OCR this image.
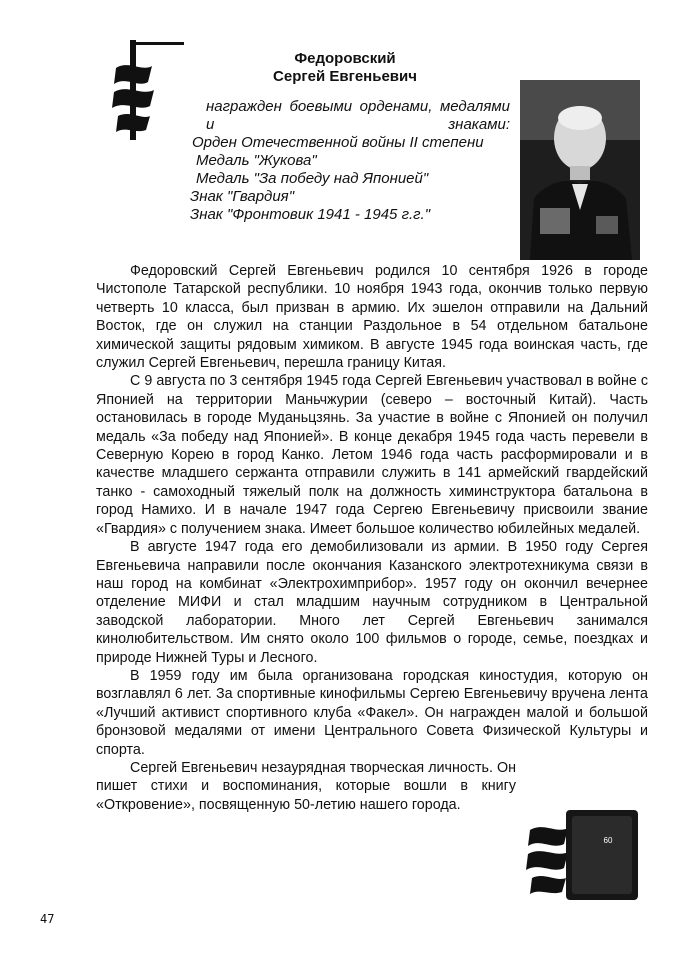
Федоровский
Сергей Евгеньевич
награжден боевыми орденами, медалями и знаками:
Орден Отечественной войны II степени
Медаль "Жукова"
Медаль "За победу над Японией"
Знак "Гвардия"
Знак "Фронтовик 1941 - 1945 г.г."

Федоровский Сергей Евгеньевич родился 10 сентября 1926 в городе Чистополе Татарской республики. 10 ноября 1943 года, окончив только первую четверть 10 класса, был призван в армию. Их эшелон отправили на Дальний Восток, где он служил на станции Раздольное в 54 отдельном батальоне химической защиты рядовым химиком. В августе 1945 года воинская часть, где служил Сергей Евгеньевич, перешла границу Китая.

С 9 августа по 3 сентября 1945 года Сергей Евгеньевич участвовал в войне с Японией на территории Маньчжурии (северо – восточный Китай). Часть остановилась в городе Муданьцзянь. За участие в войне с Японией он получил медаль «За победу над Японией». В конце декабря 1945 года часть перевели в Северную Корею в город Канко. Летом 1946 года часть расформировали и в качестве младшего сержанта отправили служить в 141 армейский гвардейский танко - самоходный тяжелый полк на должность химинструктора батальона в город Намихо. И в начале 1947 года Сергею Евгеньевичу присвоили звание «Гвардия» с получением знака. Имеет большое количество юбилейных медалей.

В августе 1947 года его демобилизовали из армии. В 1950 году Сергея Евгеньевича направили после окончания Казанского электротехникума связи в наш город на комбинат «Электрохимприбор». 1957 году он окончил вечернее отделение МИФИ и стал младшим научным сотрудником в Центральной заводской лаборатории. Много лет Сергей Евгеньевич занимался кинолюбительством. Им снято около 100 фильмов о городе, семье, поездках и природе Нижней Туры и Лесного.

В 1959 году им была организована городская киностудия, которую он возглавлял 6 лет. За спортивные кинофильмы Сергею Евгеньевичу вручена лента «Лучший активист спортивного клуба «Факел». Он награжден малой и большой бронзовой медалями от имени Центрального Совета Физической Культуры и спорта.

Сергей Евгеньевич незаурядная творческая личность. Он пишет стихи и воспоминания, которые вошли в книгу «Откровение», посвященную 50-летию нашего города.

60
47
